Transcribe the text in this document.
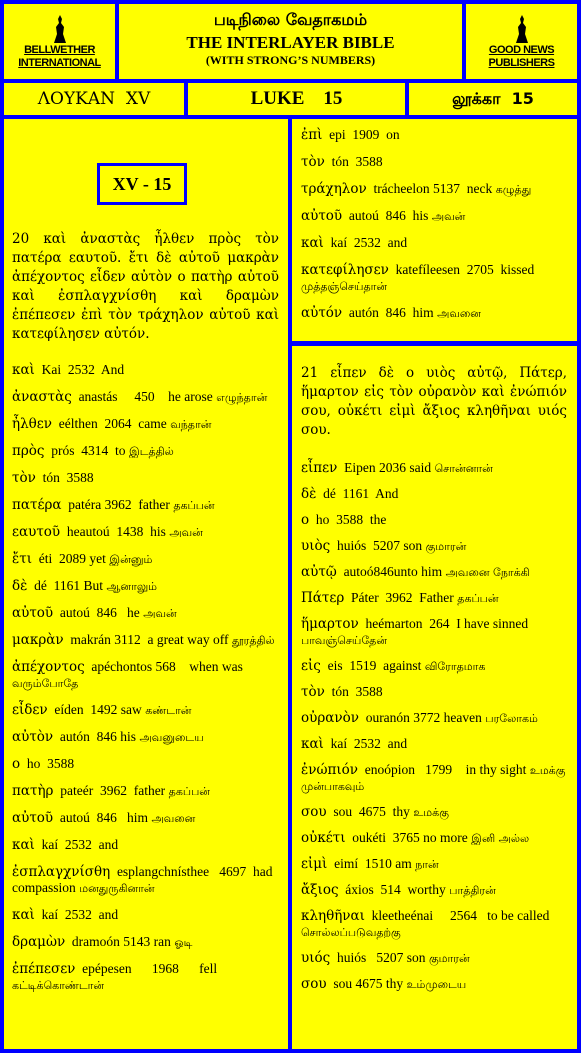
BELLWETHER INTERNATIONAL
படிநிலை வேதாகமம்
THE INTERLAYER BIBLE
(WITH STRONG’S NUMBERS)
GOOD NEWS PUBLISHERS
ΛΟΥΚΑΝ  XV	LUKE    15	லூக்கா  15
XV - 15
20 καὶ ἀναστὰς ἦλθεν πρὸς τὸν πατέρα εαυτοῦ. ἔτι δὲ αὐτοῦ μακρὰν ἀπέχοντος εἶδεν αὐτὸν ο πατὴρ αὐτοῦ καὶ ἐσπλαγχνίσθη καὶ δραμὼν ἐπέπεσεν ἐπὶ τὸν τράχηλον αὐτοῦ καὶ κατεφίλησεν αὐτόν.
καὶ  Kai  2532  And
ἀναστὰς  anastás     450    he arose எழுந்தான்
ἦλθεν  eélthen  2064  came வந்தான்
πρὸς  prós  4314  to இடத்தில்
τὸν  tón  3588
πατέρα  patéra 3962  father தகப்பன்
εαυτοῦ  heautoú  1438  his அவன்
ἔτι  éti  2089 yet இன்னும்
δὲ  dé  1161 But ஆனாலும்
αὐτοῦ  autoú  846   he அவன்
μακρὰν  makrán 3112  a great way off தூரத்தில்
ἀπέχοντος  apéchontos 568    when was வரும்போதே
εἶδεν  eíden  1492 saw கண்டான்
αὐτὸν  autón  846 his அவனுடைய
ο  ho  3588
πατὴρ  pateér  3962  father தகப்பன்
αὐτοῦ  autoú  846   him அவனை
καὶ  kaí  2532  and
ἐσπλαγχνίσθη  esplangchnísthee   4697  had compassion மனதுருகினான்
καὶ  kaí  2532  and
δραμὼν  dramoón 5143 ran ஓடி
ἐπέπεσεν  epépesen      1968      fell கட்டிக்கொண்டான்
ἐπὶ  epi  1909  on
τὸν  tón  3588
τράχηλον  trácheelon 5137  neck கழுத்து
αὐτοῦ  autoú  846  his அவன்
καὶ  kaí  2532  and
κατεφίλησεν  katefíleesen  2705  kissed முத்தஞ்செய்தான்
αὐτόν  autón  846  him அவனை
21 εἶπεν δὲ ο υιὸς αὐτῷ, Πάτερ, ἥμαρτον εἰς τὸν οὐρανὸν καὶ ἐνώπιόν σου, οὐκέτι εἰμὶ ἄξιος κληθῆναι υιός σου.
εἶπεν  Eipen 2036 said சொன்னான்
δὲ  dé  1161  And
ο  ho  3588  the
υιὸς  huiós  5207 son குமாரன்
αὐτῷ  autoó846unto him அவனை நோக்கி
Πάτερ  Páter  3962  Father தகப்பன்
ἥμαρτον  heémarton  264  I have sinned பாவஞ்செய்தேன்
εἰς  eis  1519  against விரோதமாக
τὸν  tón  3588
οὐρανὸν  ouranón 3772 heaven பரலோகம்
καὶ  kaí  2532  and
ἐνώπιόν  enoópion   1799    in thy sight உமக்கு முன்பாகவும்
σου  sou  4675  thy உமக்கு
οὐκέτι  oukéti  3765 no more இனி அல்ல
εἰμὶ  eimí  1510 am நான்
ἄξιος  áxios  514  worthy பாத்திரன்
κληθῆναι  kleetheénai     2564   to be called சொல்லப்படுவதற்கு
υιός  huiós   5207 son குமாரன்
σου  sou 4675 thy உம்முடைய
